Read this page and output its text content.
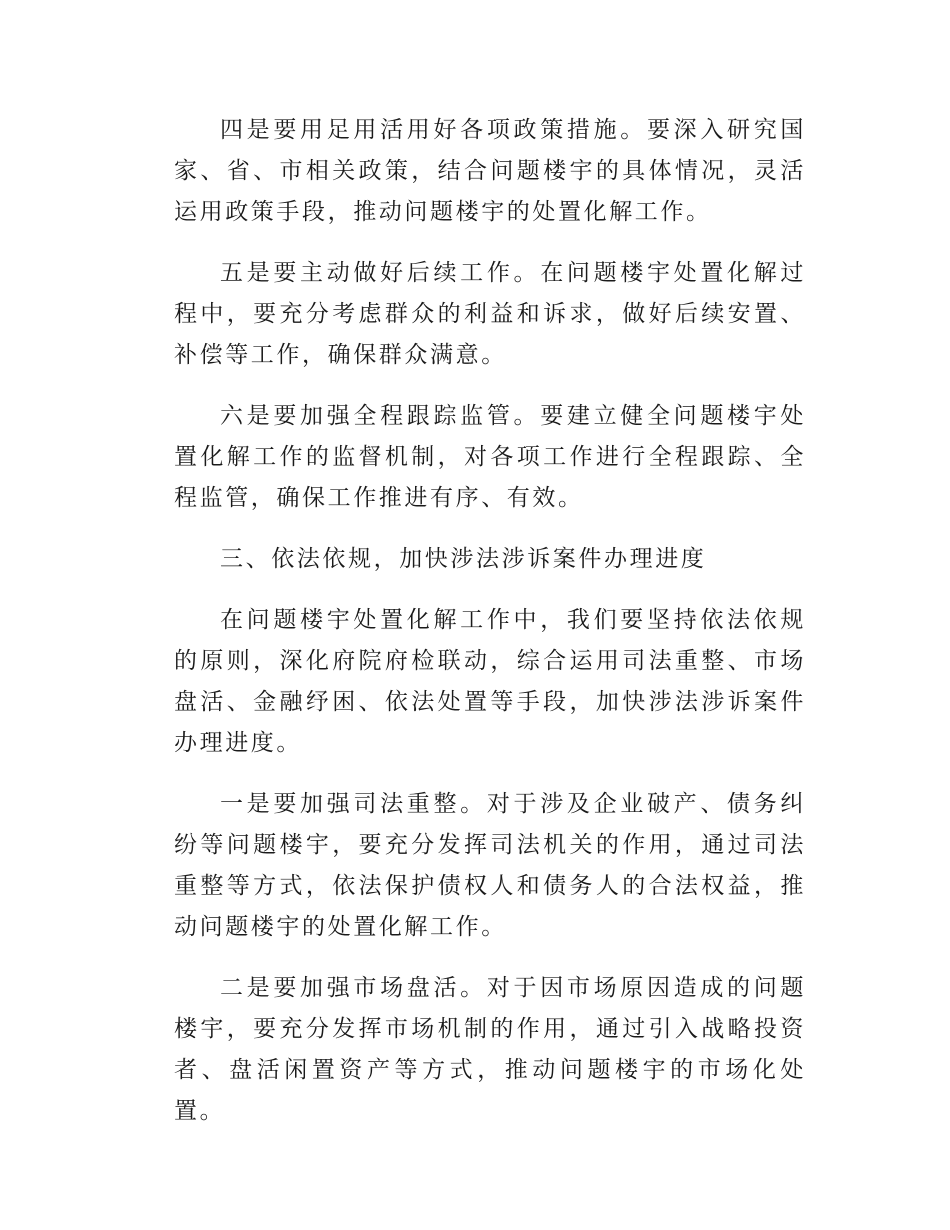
四是要用足用活用好各项政策措施。要深入研究国家、省、市相关政策，结合问题楼宇的具体情况，灵活运用政策手段，推动问题楼宇的处置化解工作。

五是要主动做好后续工作。在问题楼宇处置化解过程中，要充分考虑群众的利益和诉求，做好后续安置、补偿等工作，确保群众满意。

六是要加强全程跟踪监管。要建立健全问题楼宇处置化解工作的监督机制，对各项工作进行全程跟踪、全程监管，确保工作推进有序、有效。

三、依法依规，加快涉法涉诉案件办理进度

在问题楼宇处置化解工作中，我们要坚持依法依规的原则，深化府院府检联动，综合运用司法重整、市场盘活、金融纾困、依法处置等手段，加快涉法涉诉案件办理进度。

一是要加强司法重整。对于涉及企业破产、债务纠纷等问题楼宇，要充分发挥司法机关的作用，通过司法重整等方式，依法保护债权人和债务人的合法权益，推动问题楼宇的处置化解工作。

二是要加强市场盘活。对于因市场原因造成的问题楼宇，要充分发挥市场机制的作用，通过引入战略投资者、盘活闲置资产等方式，推动问题楼宇的市场化处置。
